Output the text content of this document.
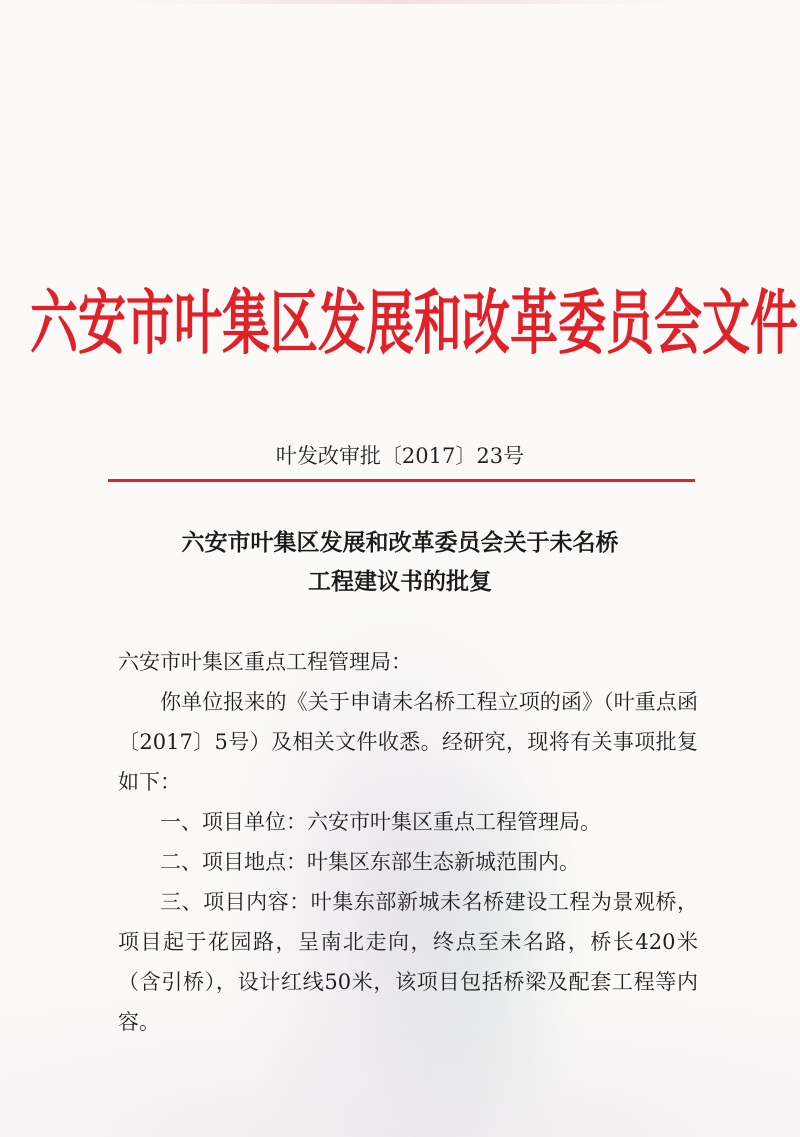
六安市叶集区发展和改革委员会文件
叶发改审批〔2017〕23号
六安市叶集区发展和改革委员会关于未名桥
工程建议书的批复
六安市叶集区重点工程管理局：

你单位报来的《关于申请未名桥工程立项的函》（叶重点函〔2017〕5号）及相关文件收悉。经研究，现将有关事项批复如下：

一、项目单位：六安市叶集区重点工程管理局。

二、项目地点：叶集区东部生态新城范围内。

三、项目内容：叶集东部新城未名桥建设工程为景观桥，项目起于花园路，呈南北走向，终点至未名路，桥长420米（含引桥），设计红线50米，该项目包括桥梁及配套工程等内容。
